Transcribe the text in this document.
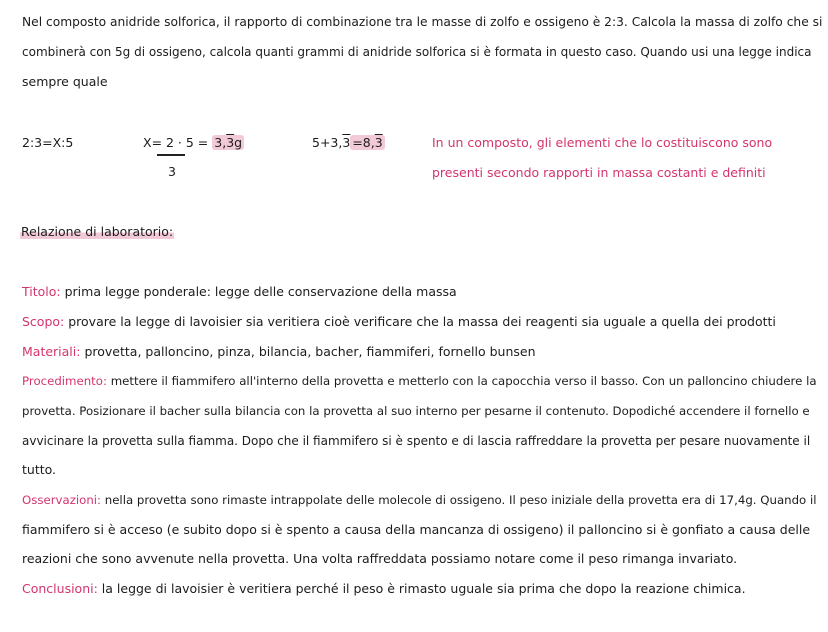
Nel composto anidride solforica, il rapporto di combinazione tra le masse di zolfo e ossigeno è 2:3. Calcola la massa di zolfo che si
combinerà con 5g di ossigeno, calcola quanti grammi di anidride solforica si è formata in questo caso. Quando usi una legge indica
sempre quale
2:3=X:5	X= 2 · 5 = 3,3g
3
5+3,3 =8,3	In un composto, gli elementi che lo costituiscono sono
presenti secondo rapporti in massa costanti e definiti
Relazione di laboratorio:
Titolo: prima legge ponderale: legge delle conservazione della massa
Scopo: provare la legge di lavoisier sia veritiera cioè verificare che la massa dei reagenti sia uguale a quella dei prodotti
Materiali: provetta, palloncino, pinza, bilancia, bacher, fiammiferi, fornello bunsen
Procedimento: mettere il fiammifero all'interno della provetta e metterlo con la capocchia verso il basso. Con un palloncino chiudere la
provetta. Posizionare il bacher sulla bilancia con la provetta al suo interno per pesarne il contenuto. Dopodiché accendere il fornello e
avvicinare la provetta sulla fiamma. Dopo che il fiammifero si è spento e di lascia raffreddare la provetta per pesare nuovamente il
tutto.
Osservazioni: nella provetta sono rimaste intrappolate delle molecole di ossigeno. Il peso iniziale della provetta era di 17,4g. Quando il
fiammifero si è acceso (e subito dopo si è spento a causa della mancanza di ossigeno) il palloncino si è gonfiato a causa delle
reazioni che sono avvenute nella provetta. Una volta raffreddata possiamo notare come il peso rimanga invariato.
Conclusioni: la legge di lavoisier è veritiera perché il peso è rimasto uguale sia prima che dopo la reazione chimica.
